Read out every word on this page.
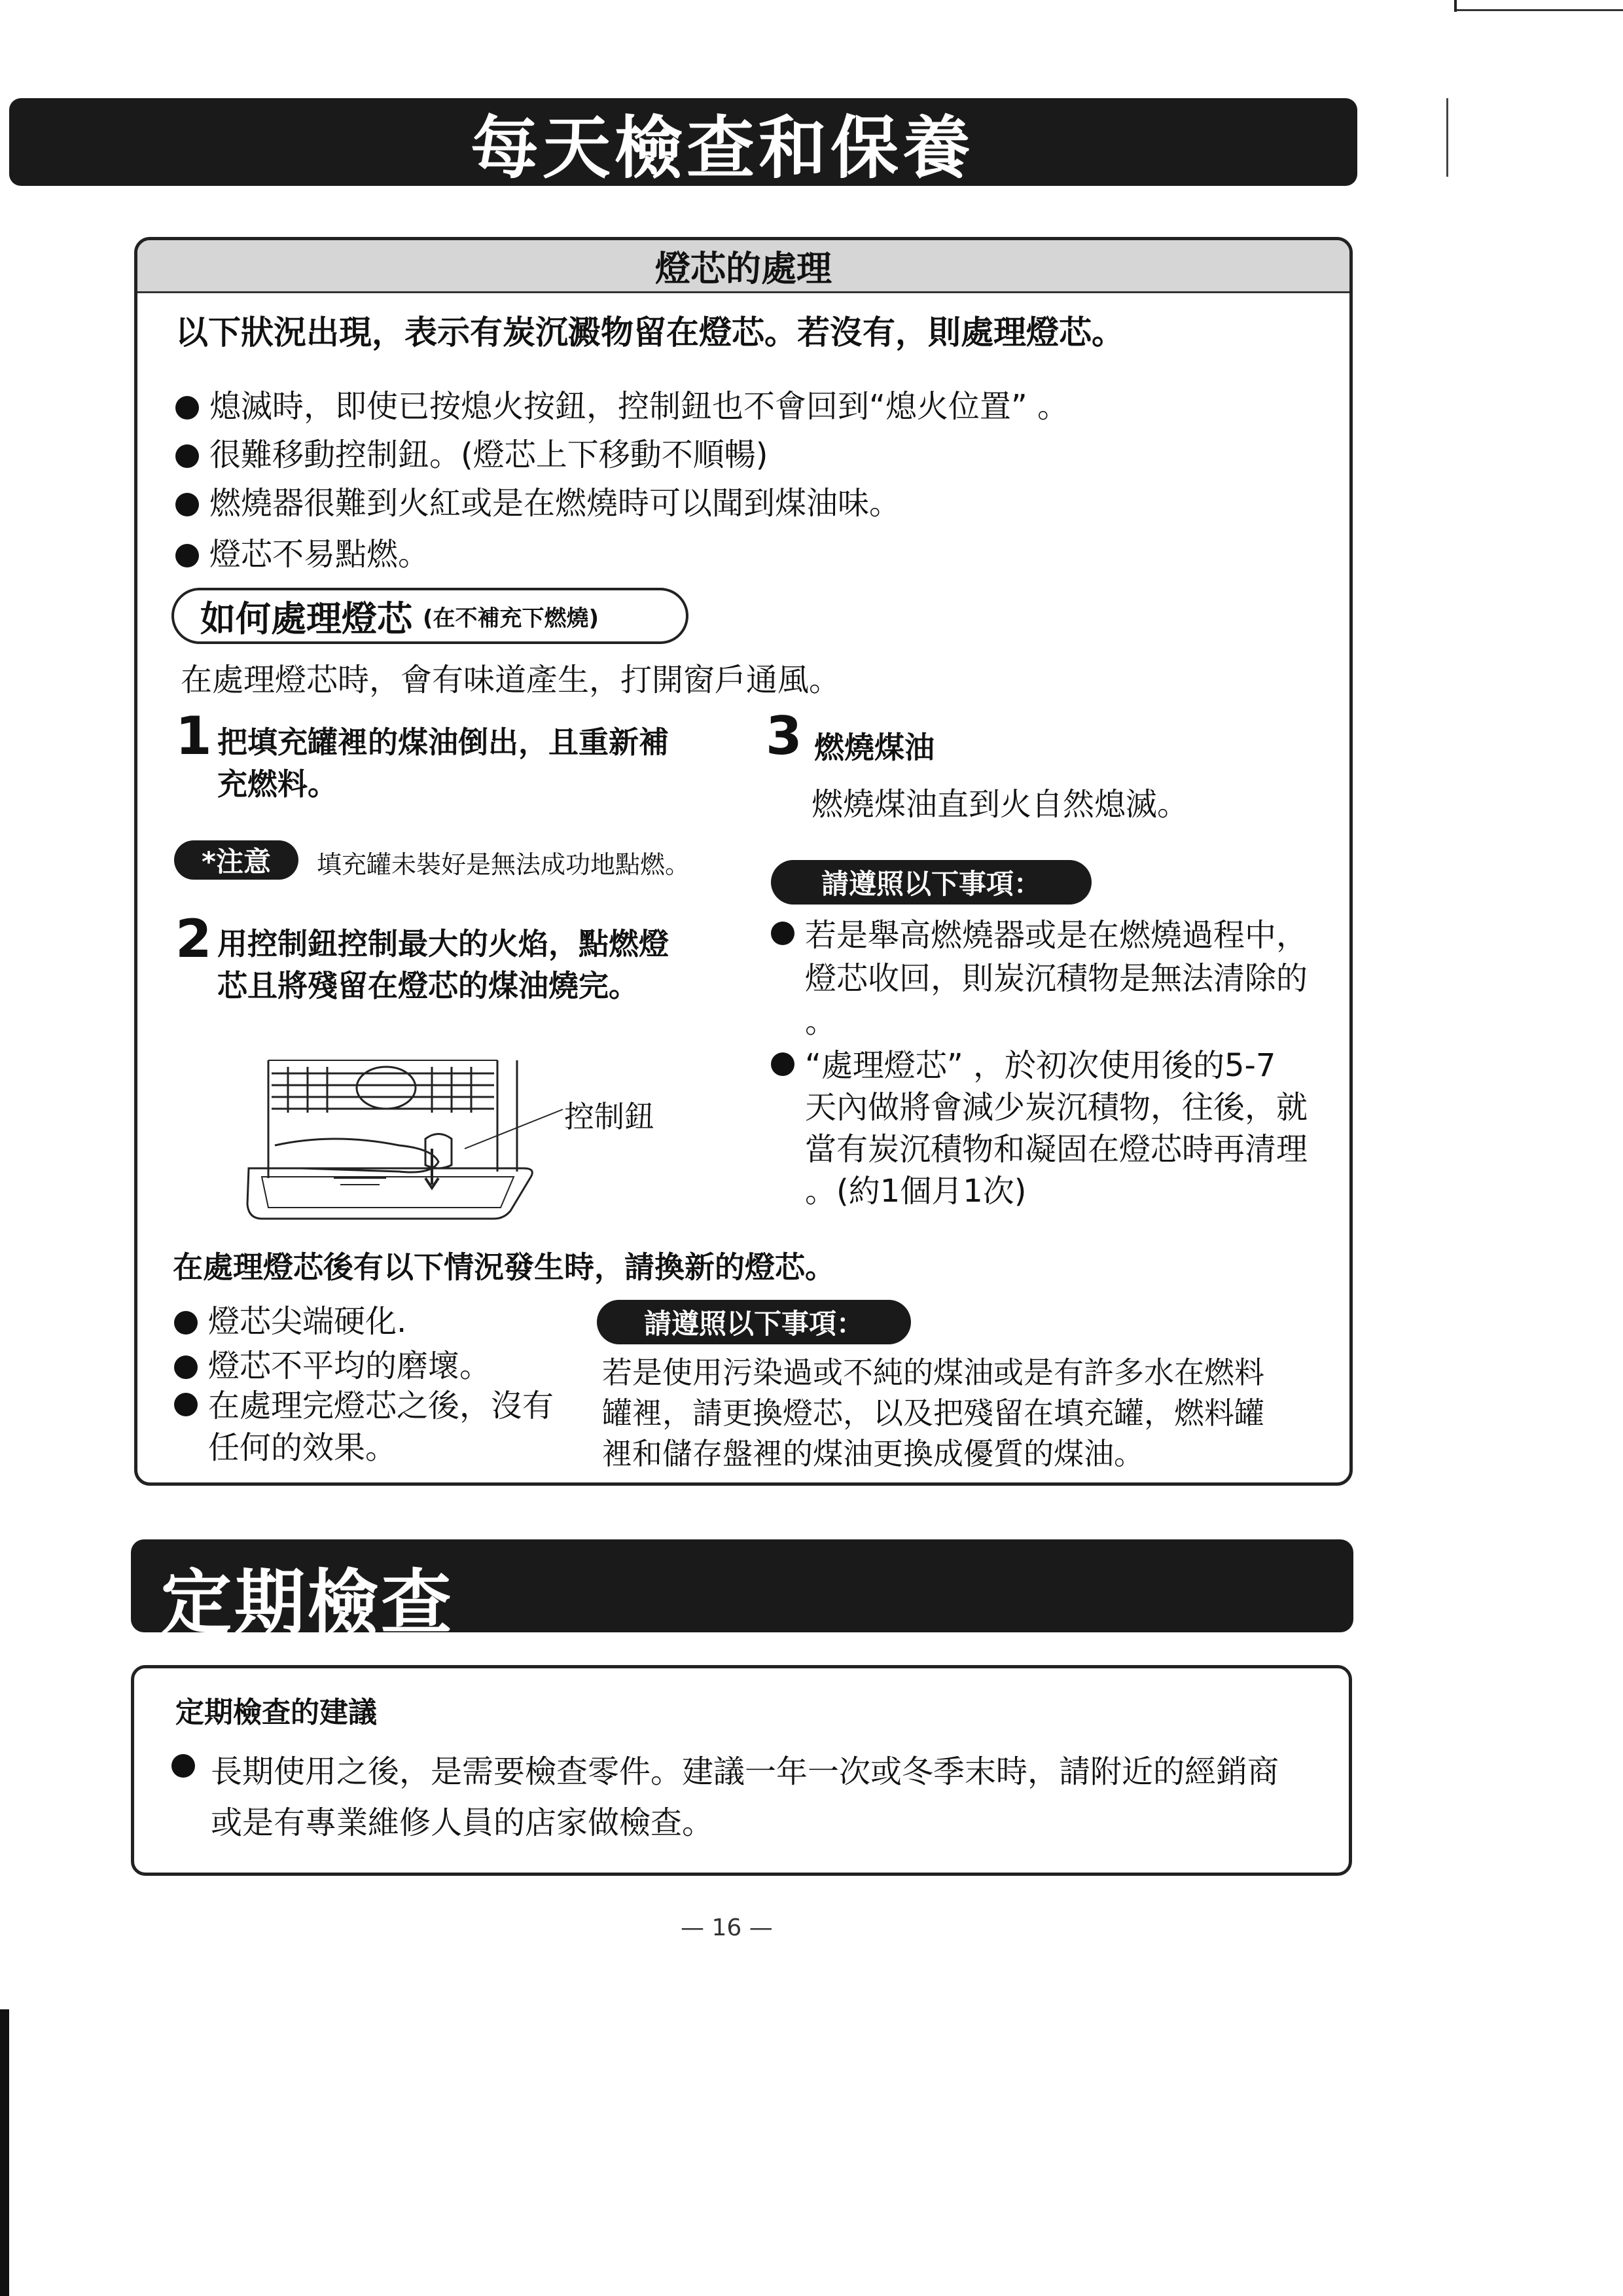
每天檢查和保養
燈芯的處理
以下狀況出現，表示有炭沉澱物留在燈芯。若沒有，則處理燈芯。
熄滅時，即使已按熄火按鈕，控制鈕也不會回到“熄火位置” 。
很難移動控制鈕。(燈芯上下移動不順暢)
燃燒器很難到火紅或是在燃燒時可以聞到煤油味。
燈芯不易點燃。
如何處理燈芯 (在不補充下燃燒)
在處理燈芯時，會有味道產生，打開窗戶通風。
1 把填充罐裡的煤油倒出，且重新補
充燃料。
*注意	填充罐未裝好是無法成功地點燃。
2 用控制鈕控制最大的火焰，點燃燈
芯且將殘留在燈芯的煤油燒完。
控制鈕
3 燃燒煤油
燃燒煤油直到火自然熄滅。
請遵照以下事項：
若是舉高燃燒器或是在燃燒過程中，
燈芯收回，則炭沉積物是無法清除的
。
“處理燈芯” ，於初次使用後的5-7
天內做將會減少炭沉積物，往後，就
當有炭沉積物和凝固在燈芯時再清理
。(約1個月1次)
在處理燈芯後有以下情況發生時，請換新的燈芯。
燈芯尖端硬化.
燈芯不平均的磨壞。
在處理完燈芯之後，沒有
任何的效果。
請遵照以下事項：
若是使用污染過或不純的煤油或是有許多水在燃料
罐裡，請更換燈芯，以及把殘留在填充罐，燃料罐
裡和儲存盤裡的煤油更換成優質的煤油。
定期檢查
定期檢查的建議
長期使用之後，是需要檢查零件。建議一年一次或冬季末時，請附近的經銷商
或是有專業維修人員的店家做檢查。
— 16 —
